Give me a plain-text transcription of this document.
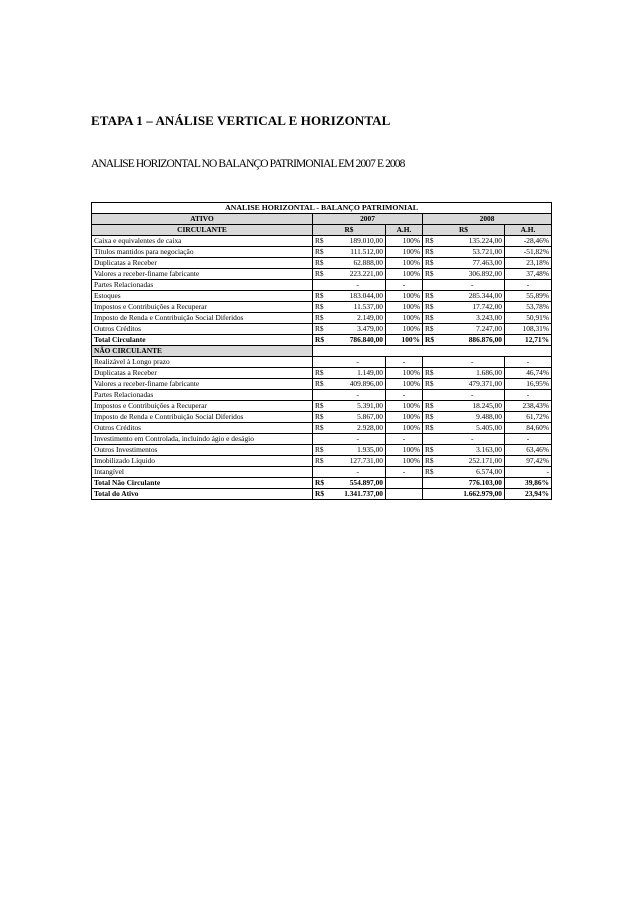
ETAPA 1 – ANÁLISE VERTICAL E HORIZONTAL
ANALISE HORIZONTAL NO BALANÇO PATRIMONIAL EM 2007 E 2008
ANALISE HORIZONTAL - BALANÇO PATRIMONIAL						
ATIVO	2007			2008		
CIRCULANTE	R$		A.H.	R$		A.H.
Caixa e equivalentes de caixa	R$	189.010,00	100%	R$	135.224,00	-28,46%
Títulos mantidos para negociação	R$	111.512,00	100%	R$	53.721,00	-51,82%
Duplicatas a Receber	R$	62.888,00	100%	R$	77.463,00	23,18%
Valores a receber-finame fabricante	R$	223.221,00	100%	R$	306.892,00	37,48%
Partes Relacionadas		-	-		-	-
Estoques	R$	183.044,00	100%	R$	285.344,00	55,89%
Impostos e Contribuições a Recuperar	R$	11.537,00	100%	R$	17.742,00	53,78%
Imposto de Renda e Contribuição Social Diferidos	R$	2.149,00	100%	R$	3.243,00	50,91%
Outros Créditos	R$	3.479,00	100%	R$	7.247,00	108,31%
Total Circulante	R$	786.840,00	100%	R$	886.876,00	12,71%
NÃO CIRCULANTE						
Realizável à Longo prazo		-	-		-	-
Duplicatas a Receber	R$	1.149,00	100%	R$	1.686,00	46,74%
Valores a receber-finame fabricante	R$	409.896,00	100%	R$	479.371,00	16,95%
Partes Relacionadas		-	-		-	-
Impostos e Contribuições a Recuperar	R$	5.391,00	100%	R$	18.245,00	238,43%
Imposto de Renda e Contribuição Social Diferidos	R$	5.867,00	100%	R$	9.488,00	61,72%
Outros Créditos	R$	2.928,00	100%	R$	5.405,00	84,60%
Investimento em Controlada, incluindo ágio e deságio		-	-		-	-
Outros Investimentos	R$	1.935,00	100%	R$	3.163,00	63,46%
Imobilizado Líquido	R$	127.731,00	100%	R$	252.171,00	97,42%
Intangível		-	-	R$	6.574,00	-
Total Não Circulante	R$	554.897,00			776.103,00	39,86%
Total do Ativo	R$	1.341.737,00			1.662.979,00	23,94%
